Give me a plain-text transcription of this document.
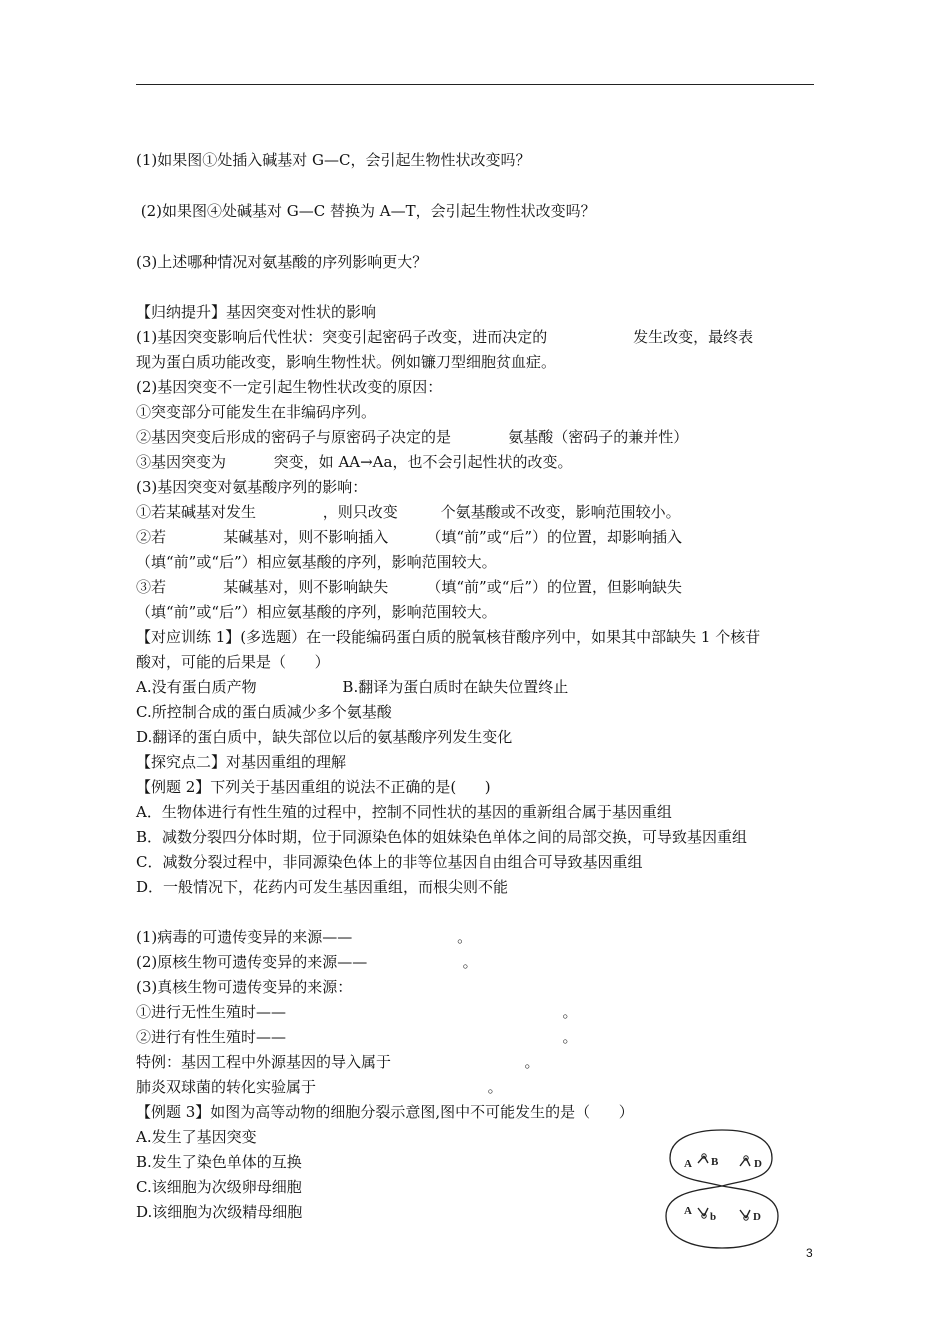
(1)如果图①处插入碱基对 G—C，会引起生物性状改变吗？
(2)如果图④处碱基对 G—C 替换为 A—T，会引起生物性状改变吗？
(3)上述哪种情况对氨基酸的序列影响更大？
【归纳提升】基因突变对性状的影响
(1)基因突变影响后代性状：突变引起密码子改变，进而决定的                  发生改变，最终表
现为蛋白质功能改变，影响生物性状。例如镰刀型细胞贫血症。
(2)基因突变不一定引起生物性状改变的原因：
①突变部分可能发生在非编码序列。
②基因突变后形成的密码子与原密码子决定的是            氨基酸（密码子的兼并性）
③基因突变为          突变，如 AA→Aa，也不会引起性状的改变。
(3)基因突变对氨基酸序列的影响：
①若某碱基对发生              ，则只改变         个氨基酸或不改变，影响范围较小。
②若            某碱基对，则不影响插入        （填“前”或“后”）的位置，却影响插入
（填“前”或“后”）相应氨基酸的序列，影响范围较大。
③若            某碱基对，则不影响缺失        （填“前”或“后”）的位置，但影响缺失
（填“前”或“后”）相应氨基酸的序列，影响范围较大。
【对应训练 1】(多选题）在一段能编码蛋白质的脱氧核苷酸序列中，如果其中部缺失 1 个核苷
酸对，可能的后果是（      ）
A.没有蛋白质产物                  B.翻译为蛋白质时在缺失位置终止
C.所控制合成的蛋白质减少多个氨基酸
D.翻译的蛋白质中，缺失部位以后的氨基酸序列发生变化
【探究点二】对基因重组的理解
【例题 2】下列关于基因重组的说法不正确的是(      )
A．生物体进行有性生殖的过程中，控制不同性状的基因的重新组合属于基因重组
B．减数分裂四分体时期，位于同源染色体的姐妹染色单体之间的局部交换，可导致基因重组
C．减数分裂过程中，非同源染色体上的非等位基因自由组合可导致基因重组
D．一般情况下，花药内可发生基因重组，而根尖则不能
(1)病毒的可遗传变异的来源——                      。
(2)原核生物可遗传变异的来源——                    。
(3)真核生物可遗传变异的来源：
①进行无性生殖时——                                                          。
②进行有性生殖时——                                                          。
特例：基因工程中外源基因的导入属于                            。
肺炎双球菌的转化实验属于                                    。
【例题 3】如图为高等动物的细胞分裂示意图,图中不可能发生的是（      ）
A.发生了基因突变
B.发生了染色单体的互换
C.该细胞为次级卵母细胞
D.该细胞为次级精母细胞
A B	D
A b	D
3
